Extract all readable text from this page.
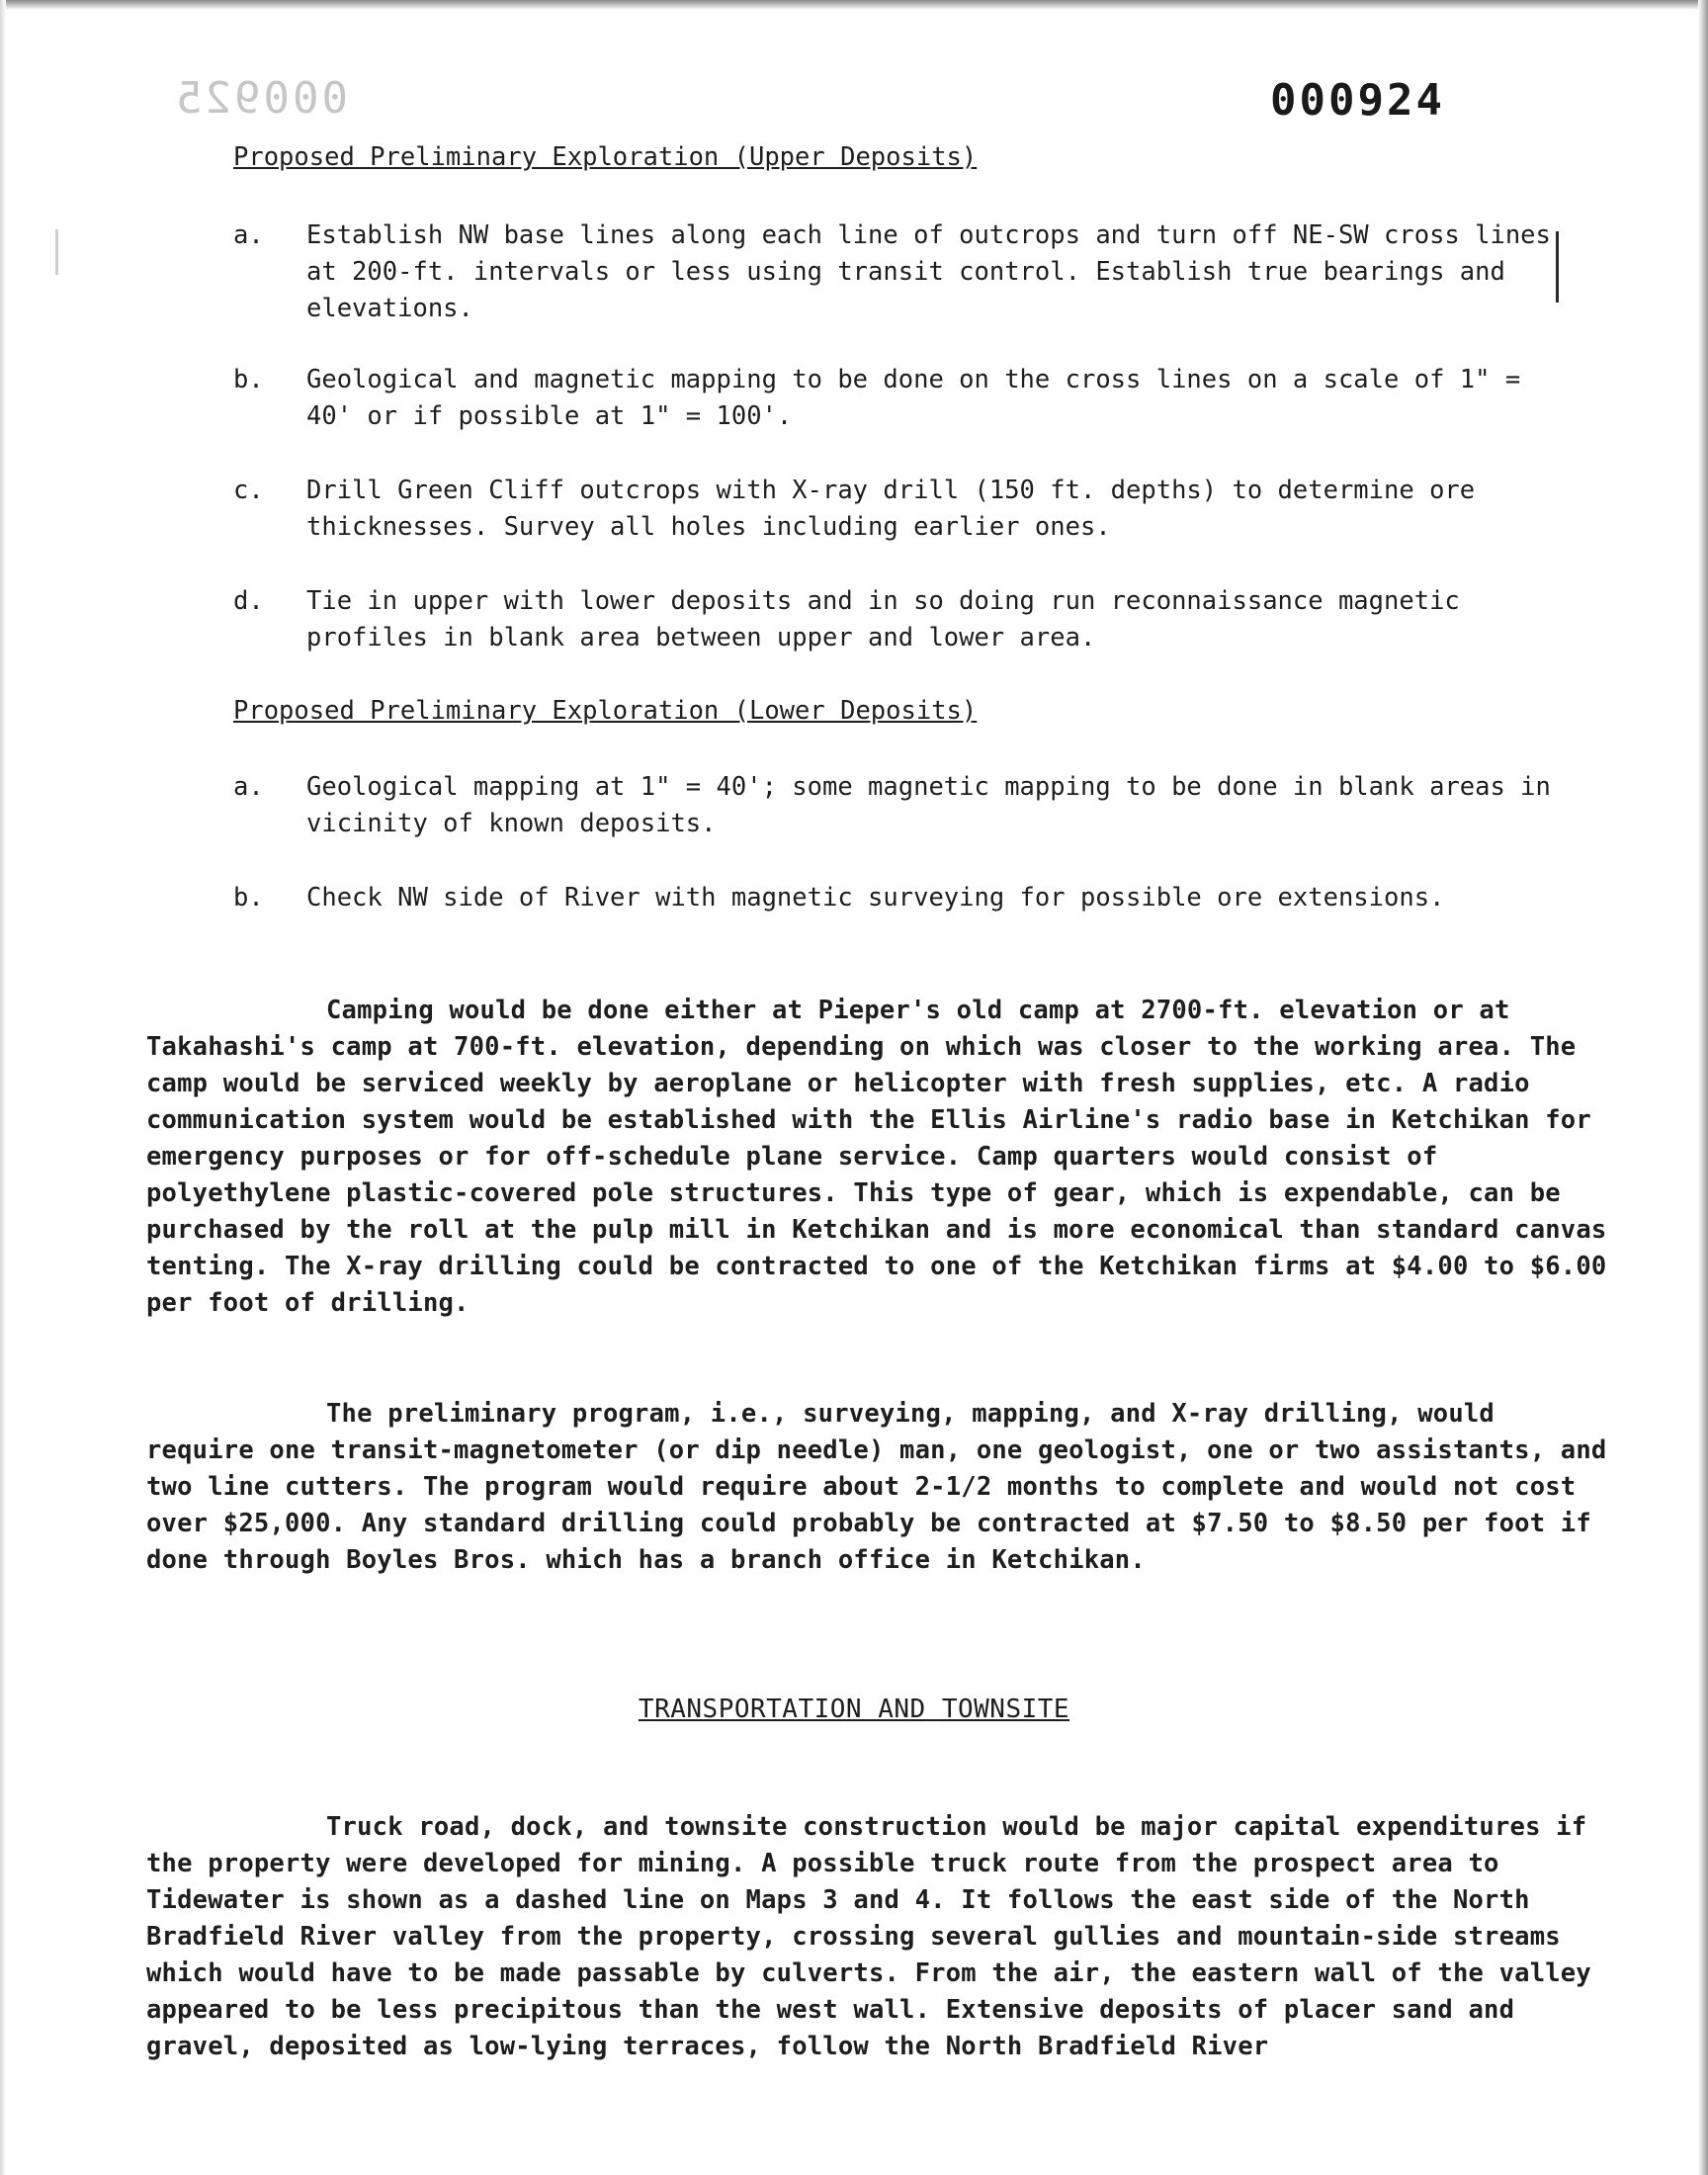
000925	000924
Proposed Preliminary Exploration (Upper Deposits)
a.	Establish NW base lines along each line of outcrops and turn off NE-SW cross lines at 200-ft. intervals or less using transit control. Establish true bearings and elevations.
b.	Geological and magnetic mapping to be done on the cross lines on a scale of 1" = 40' or if possible at 1" = 100'.
c.	Drill Green Cliff outcrops with X-ray drill (150 ft. depths) to determine ore thicknesses. Survey all holes including earlier ones.
d.	Tie in upper with lower deposits and in so doing run reconnaissance magnetic profiles in blank area between upper and lower area.
Proposed Preliminary Exploration (Lower Deposits)
a.	Geological mapping at 1" = 40'; some magnetic mapping to be done in blank areas in vicinity of known deposits.
b.	Check NW side of River with magnetic surveying for possible ore extensions.
Camping would be done either at Pieper's old camp at 2700-ft. elevation or at Takahashi's camp at 700-ft. elevation, depending on which was closer to the working area. The camp would be serviced weekly by aeroplane or helicopter with fresh supplies, etc. A radio communication system would be established with the Ellis Airline's radio base in Ketchikan for emergency purposes or for off-schedule plane service. Camp quarters would consist of polyethylene plastic-covered pole structures. This type of gear, which is expendable, can be purchased by the roll at the pulp mill in Ketchikan and is more economical than standard canvas tenting. The X-ray drilling could be contracted to one of the Ketchikan firms at $4.00 to $6.00 per foot of drilling.
The preliminary program, i.e., surveying, mapping, and X-ray drilling, would require one transit-magnetometer (or dip needle) man, one geologist, one or two assistants, and two line cutters. The program would require about 2-1/2 months to complete and would not cost over $25,000. Any standard drilling could probably be contracted at $7.50 to $8.50 per foot if done through Boyles Bros. which has a branch office in Ketchikan.
TRANSPORTATION AND TOWNSITE
Truck road, dock, and townsite construction would be major capital expenditures if the property were developed for mining. A possible truck route from the prospect area to Tidewater is shown as a dashed line on Maps 3 and 4. It follows the east side of the North Bradfield River valley from the property, crossing several gullies and mountain-side streams which would have to be made passable by culverts. From the air, the eastern wall of the valley appeared to be less precipitous than the west wall. Extensive deposits of placer sand and gravel, deposited as low-lying terraces, follow the North Bradfield River
